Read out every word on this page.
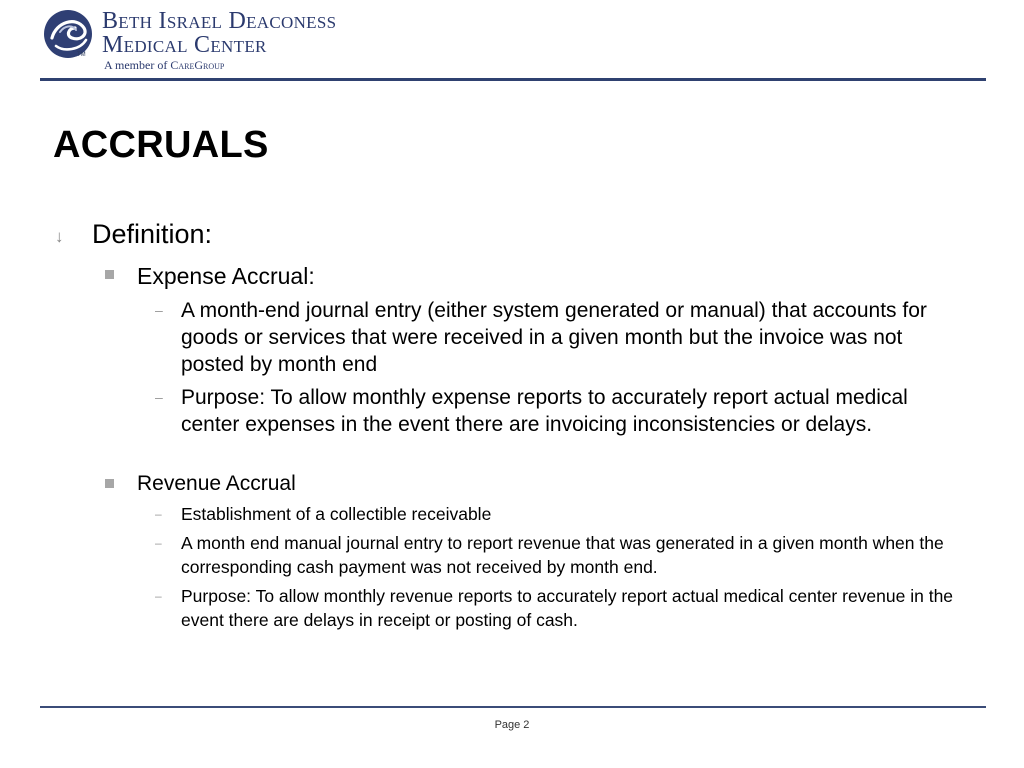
TM
Beth Israel Deaconess
Medical Center
A member of CareGroup
ACCRUALS
↓ Definition:
Expense Accrual:
– A month-end journal entry (either system generated or manual) that accounts for goods or services that were received in a given month but the invoice was not posted by month end
– Purpose: To allow monthly expense reports to accurately report actual medical center expenses in the event there are invoicing inconsistencies or delays.
Revenue Accrual
– Establishment of a collectible receivable
– A month end manual journal entry to report revenue that was generated in a given month when the corresponding cash payment was not received by month end.
– Purpose: To allow monthly revenue reports to accurately report actual medical center revenue in the event there are delays in receipt or posting of cash.
Page 2
